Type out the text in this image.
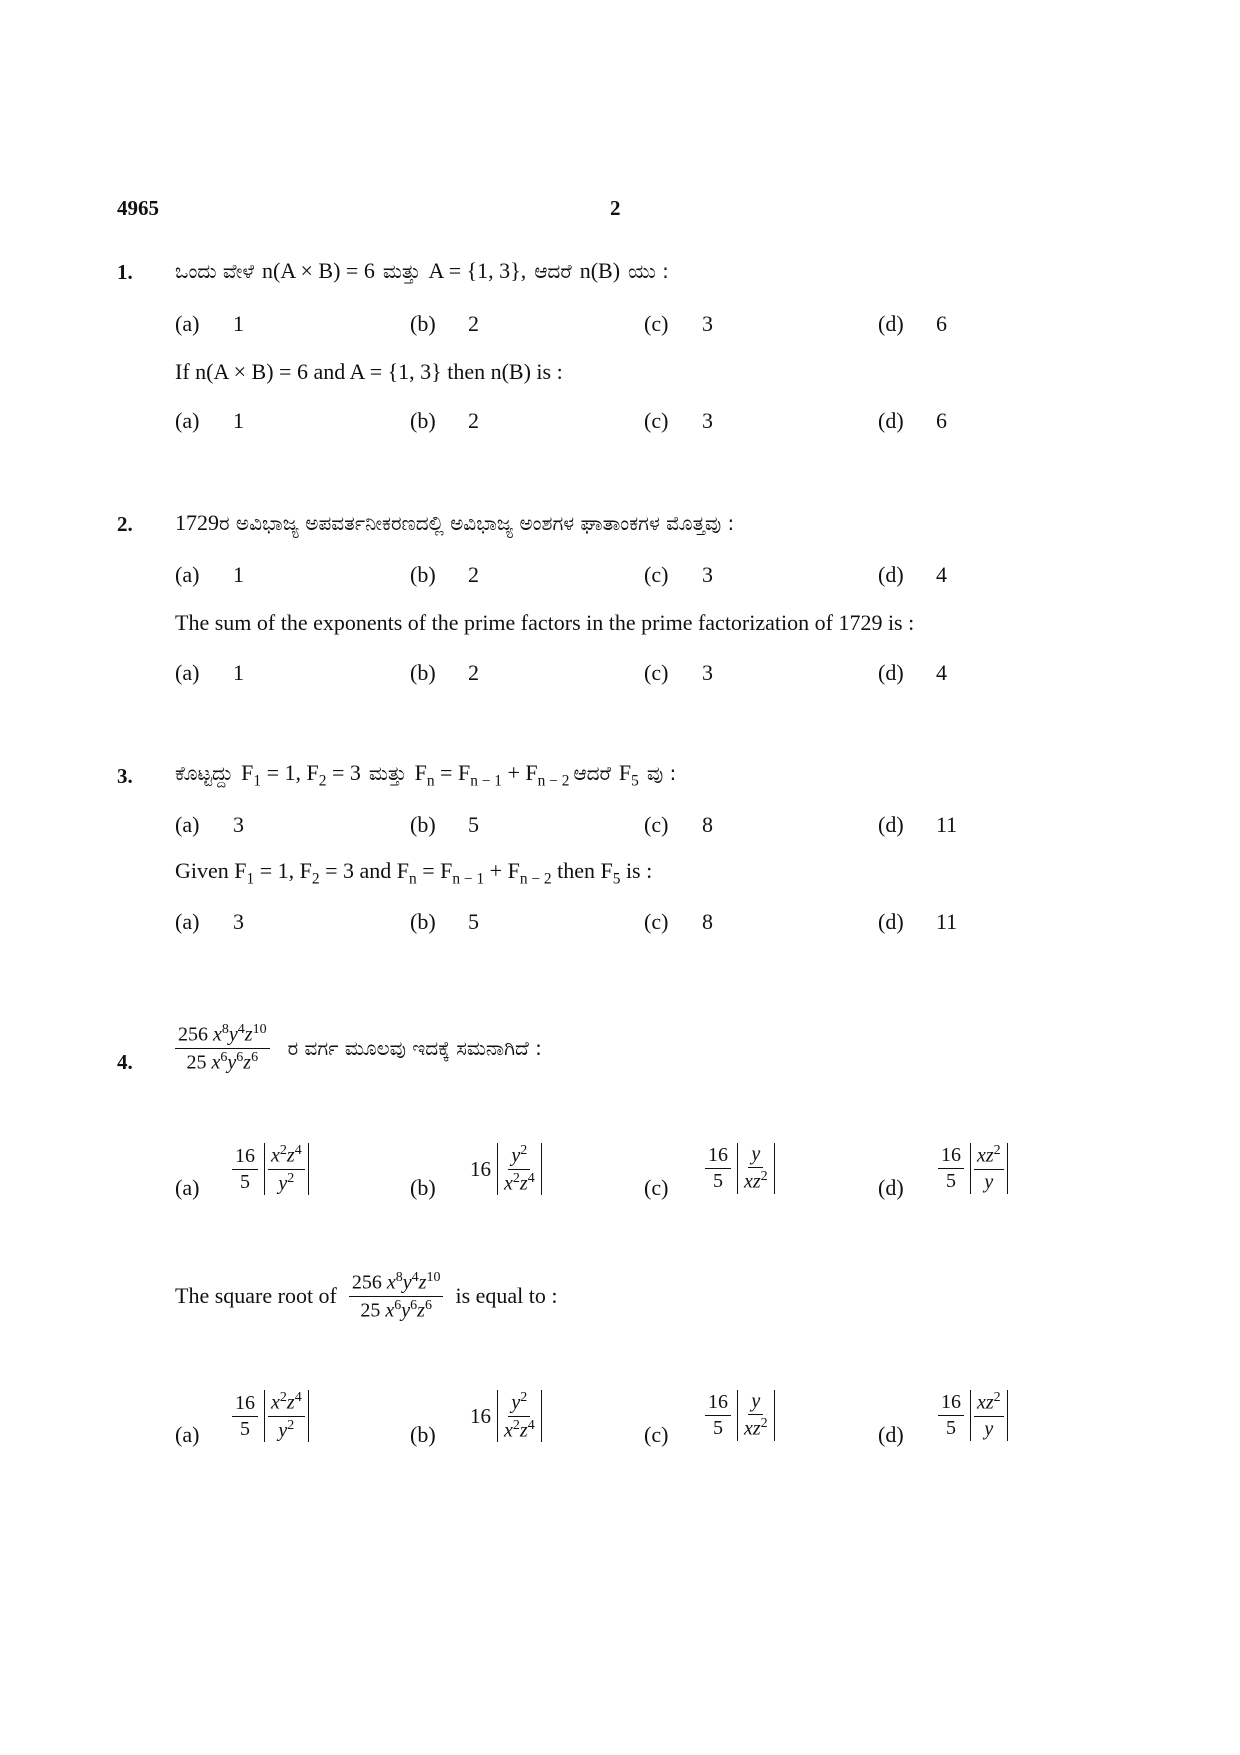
4965	2
1. ಒಂದು ವೇಳೆ n(A × B) = 6 ಮತ್ತು A = {1, 3}, ಆದರೆ n(B) ಯು :
(a) 1	(b) 2	(c) 3	(d) 6
If n(A × B) = 6 and A = {1, 3} then n(B) is :
(a) 1	(b) 2	(c) 3	(d) 6
2. 1729ರ ಅವಿಭಾಜ್ಯ ಅಪವರ್ತನೀಕರಣದಲ್ಲಿ ಅವಿಭಾಜ್ಯ ಅಂಶಗಳ ಘಾತಾಂಕಗಳ ಮೊತ್ತವು :
(a) 1	(b) 2	(c) 3	(d) 4
The sum of the exponents of the prime factors in the prime factorization of 1729 is :
(a) 1	(b) 2	(c) 3	(d) 4
3. ಕೊಟ್ಟದ್ದು $F_1 = 1$, $F_2 = 3$ ಮತ್ತು $F_n = F_{n - 1} + F_{n - 2}$ ಆದರೆ $F_5$ ವು :
(a) 3	(b) 5	(c) 8	(d) 11
Given $F_1 = 1$, $F_2 = 3$ and $F_n = F_{n - 1} + F_{n - 2}$ then $F_5$ is :
(a) 3	(b) 5	(c) 8	(d) 11
4. $\frac{256 x^8y^4z^{10}}{25 x^6y^6z^6}$ ರ ವರ್ಗ ಮೂಲವು ಇದಕ್ಕೆ ಸಮನಾಗಿದೆ :
$(a) \frac{16}{5} \frac{x^2z^4}{y^2}$	(b)
$16 \frac{y^2}{x^2z^4}$	$(c) \frac{16}{5} \frac{y}{xz^2}$	$(d) \frac{16}{5} \frac{xz^2}{y}$
The square root of $\frac{256 x^8y^4z^{10}}{25 x^6y^6z^6}$ is equal to :
$(a) \frac{16}{5} \frac{x^2z^4}{y^2}$	(b)
$16 \frac{y^2}{x^2z^4}$	$(c) \frac{16}{5} \frac{y}{xz^2}$	$(d) \frac{16}{5} \frac{xz^2}{y}$
